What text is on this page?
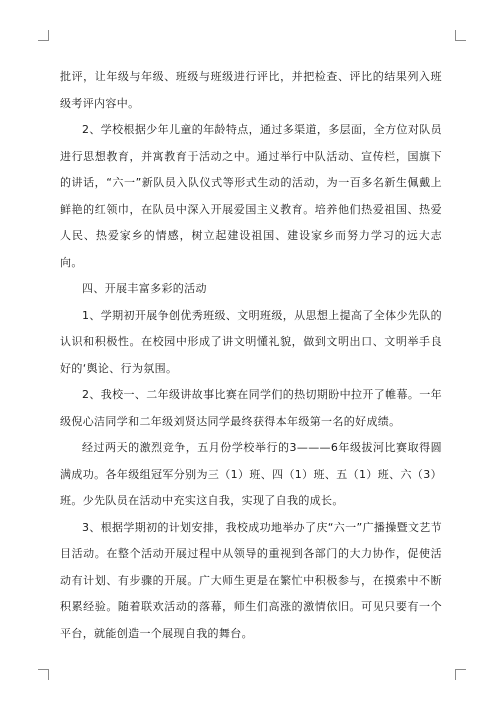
批评，让年级与年级、班级与班级进行评比，并把检查、评比的结果列入班级考评内容中。

2、学校根据少年儿童的年龄特点，通过多渠道，多层面，全方位对队员进行思想教育，并寓教育于活动之中。通过举行中队活动、宣传栏，国旗下的讲话，“六一”新队员入队仪式等形式生动的活动，为一百多名新生佩戴上鲜艳的红领巾，在队员中深入开展爱国主义教育。培养他们热爱祖国、热爱人民、热爱家乡的情感，树立起建设祖国、建设家乡而努力学习的远大志向。

四、开展丰富多彩的活动

1、学期初开展争创优秀班级、文明班级，从思想上提高了全体少先队的认识和积极性。在校园中形成了讲文明懂礼貌，做到文明出口、文明举手良好的‘舆论、行为氛围。

2、我校一、二年级讲故事比赛在同学们的热切期盼中拉开了帷幕。一年级倪心洁同学和二年级刘贤达同学最终获得本年级第一名的好成绩。

经过两天的激烈竞争，五月份学校举行的3———6年级拔河比赛取得圆满成功。各年级组冠军分别为三（1）班、四（1）班、五（1）班、六（3）班。少先队员在活动中充实这自我，实现了自我的成长。

3、根据学期初的计划安排，我校成功地举办了庆“六一”广播操暨文艺节目活动。在整个活动开展过程中从领导的重视到各部门的大力协作，促使活动有计划、有步骤的开展。广大师生更是在繁忙中积极参与，在摸索中不断积累经验。随着联欢活动的落幕，师生们高涨的激情依旧。可见只要有一个平台，就能创造一个展现自我的舞台。
